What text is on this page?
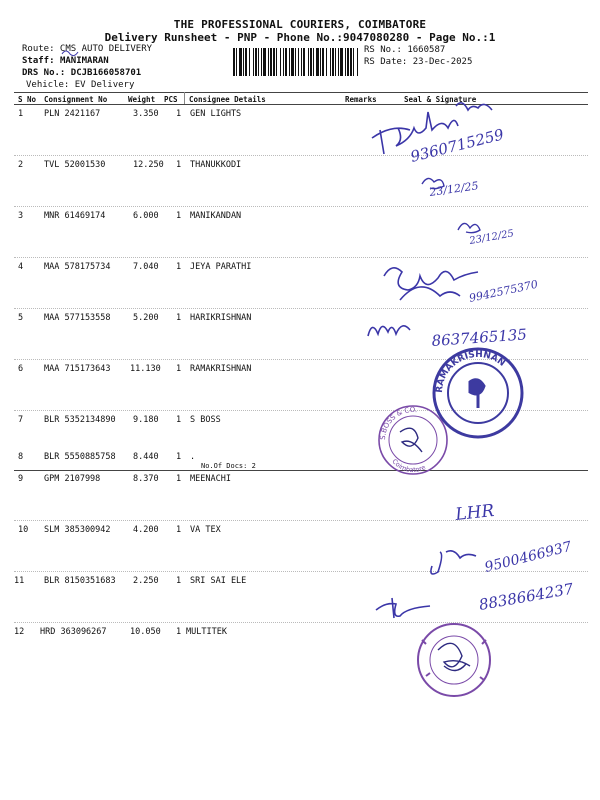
THE PROFESSIONAL COURIERS, COIMBATORE
Delivery Runsheet - PNP - Phone No.:9047080280 - Page No.:1
Route: CMS AUTO DELIVERY
Staff: MANIMARAN
DRS No.: DCJB166058701
Vehicle: EV Delivery
RS No.: 1660587
RS Date: 23-Dec-2025
S No Consignment No	Weight PCS Consignee Details	Remarks	Seal & Signature
1 PLN 2421167	3.350 1 GEN LIGHTS
2 TVL 52001530	12.250 1 THANUKKODI
3 MNR 61469174	6.000 1 MANIKANDAN
4 MAA 578175734	7.040 1 JEYA PARATHI
5 MAA 577153558	5.200 1 HARIKRISHNAN
6 MAA 715173643 11.130 1 RAMAKRISHNAN
7 BLR 5352134890 9.180 1 S BOSS
8 BLR 5550885758 8.440 1 .
No.Of Docs: 2
9 GPM 2107998	8.370 1 MEENACHI
10 SLM 385300942	4.200 1 VA TEX
11 BLR 8150351683 2.250 1 SRI SAI ELE
12 HRD 363096267	10.050 1 MULTITEK
9360715259
23/12/25
23/12/25
9942575370
8637465135
RAMAKRISHNAN
S.BOSS & CO.
Coimbatore
LHR
9500466937
8838664237
